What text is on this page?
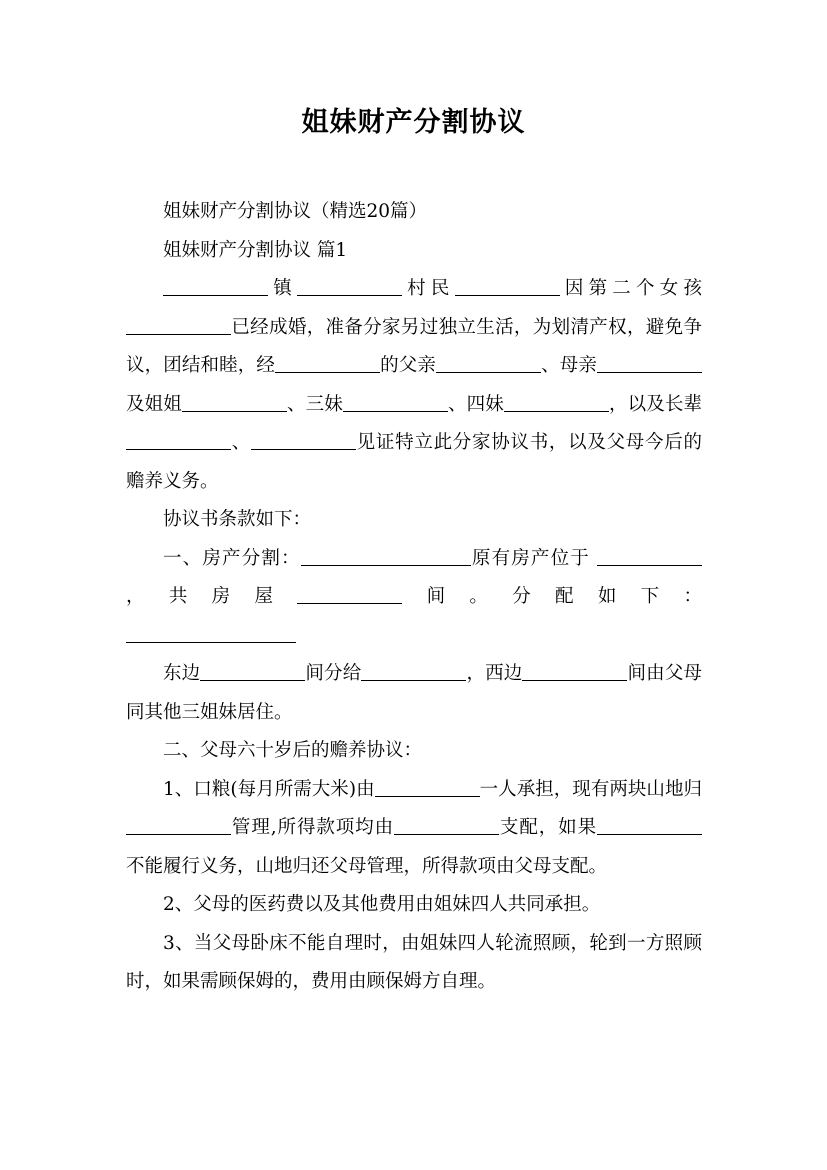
姐妹财产分割协议

姐妹财产分割协议（精选20篇）

姐妹财产分割协议 篇1

镇	村民	因第二个女孩已经成婚，准备分家另过独立生活，为划清产权，避免争议，团结和睦，经	的父亲	、母亲及姐姐	、三妹	、四妹	，以及长辈、	见证特立此分家协议书，以及父母今后的赡养义务。

协议书条款如下：

一、房产分割：	原有房产位于 ，共房屋	间。分配如下：

东边	间分给	，西边	间由父母同其他三姐妹居住。

二、父母六十岁后的赡养协议：

1、口粮(每月所需大米)由	一人承担，现有两块山地归管理,所得款项均由	支配，如果不能履行义务，山地归还父母管理，所得款项由父母支配。

2、父母的医药费以及其他费用由姐妹四人共同承担。

3、当父母卧床不能自理时，由姐妹四人轮流照顾，轮到一方照顾时，如果需顾保姆的，费用由顾保姆方自理。
